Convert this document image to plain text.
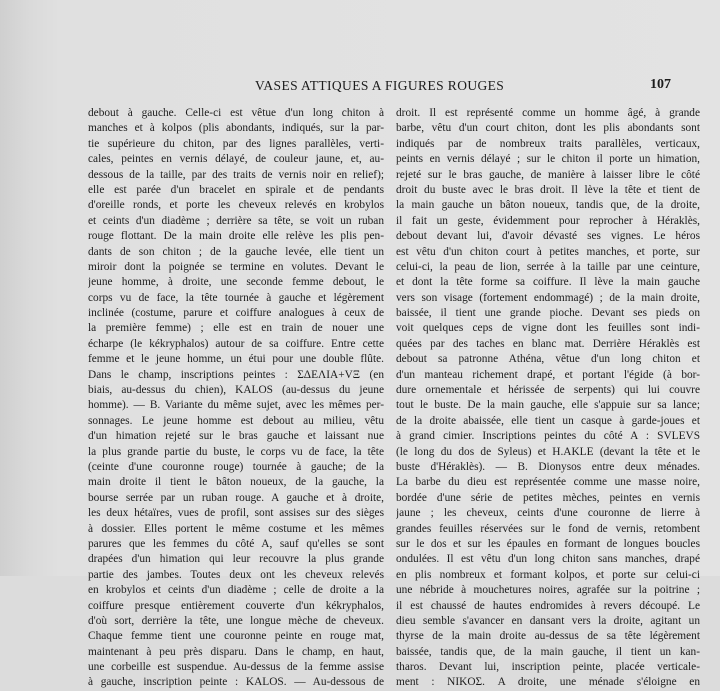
VASES ATTIQUES A FIGURES ROUGES	107
debout à gauche. Celle-ci est vêtue d'un long chiton à
manches et à kolpos (plis abondants, indiqués, sur la par-
tie supérieure du chiton, par des lignes parallèles, verti-
cales, peintes en vernis délayé, de couleur jaune, et, au-
dessous de la taille, par des traits de vernis noir en relief);
elle est parée d'un bracelet en spirale et de pendants
d'oreille ronds, et porte les cheveux relevés en krobylos
et ceints d'un diadème ; derrière sa tête, se voit un ruban
rouge flottant. De la main droite elle relève les plis pen-
dants de son chiton ; de la gauche levée, elle tient un
miroir dont la poignée se termine en volutes. Devant le
jeune homme, à droite, une seconde femme debout, le
corps vu de face, la tête tournée à gauche et légèrement
inclinée (costume, parure et coiffure analogues à ceux de
la première femme) ; elle est en train de nouer une
écharpe (le kékryphalos) autour de sa coiffure. Entre cette
femme et le jeune homme, un étui pour une double flûte.
Dans le champ, inscriptions peintes : ΣΔΕΛΙΑ+VΞ (en
biais, au-dessus du chien), KALOS (au-dessus du jeune
homme). — B. Variante du même sujet, avec les mêmes per-
sonnages. Le jeune homme est debout au milieu, vêtu
d'un himation rejeté sur le bras gauche et laissant nue
la plus grande partie du buste, le corps vu de face, la tête
(ceinte d'une couronne rouge) tournée à gauche; de la
main droite il tient le bâton noueux, de la gauche, la
bourse serrée par un ruban rouge. A gauche et à droite,
les deux hétaïres, vues de profil, sont assises sur des sièges
à dossier. Elles portent le même costume et les mêmes
parures que les femmes du côté A, sauf qu'elles se sont
drapées d'un himation qui leur recouvre la plus grande
partie des jambes. Toutes deux ont les cheveux relevés
en krobylos et ceints d'un diadème ; celle de droite a la
coiffure presque entièrement couverte d'un kékryphalos,
d'où sort, derrière la tête, une longue mèche de cheveux.
Chaque femme tient une couronne peinte en rouge mat,
maintenant à peu près disparu. Dans le champ, en haut,
une corbeille est suspendue. Au-dessus de la femme assise
à gauche, inscription peinte : KALOS. — Au-dessous de
droit. Il est représenté comme un homme âgé, à grande
barbe, vêtu d'un court chiton, dont les plis abondants sont
indiqués par de nombreux traits parallèles, verticaux,
peints en vernis délayé ; sur le chiton il porte un himation,
rejeté sur le bras gauche, de manière à laisser libre le côté
droit du buste avec le bras droit. Il lève la tête et tient de
la main gauche un bâton noueux, tandis que, de la droite,
il fait un geste, évidemment pour reprocher à Héraklès,
debout devant lui, d'avoir dévasté ses vignes. Le héros
est vêtu d'un chiton court à petites manches, et porte, sur
celui-ci, la peau de lion, serrée à la taille par une ceinture,
et dont la tête forme sa coiffure. Il lève la main gauche
vers son visage (fortement endommagé) ; de la main droite,
baissée, il tient une grande pioche. Devant ses pieds on
voit quelques ceps de vigne dont les feuilles sont indi-
quées par des taches en blanc mat. Derrière Héraklès est
debout sa patronne Athéna, vêtue d'un long chiton et
d'un manteau richement drapé, et portant l'égide (à bor-
dure ornementale et hérissée de serpents) qui lui couvre
tout le buste. De la main gauche, elle s'appuie sur sa lance;
de la droite abaissée, elle tient un casque à garde-joues et
à grand cimier. Inscriptions peintes du côté A : SVLEVS
(le long du dos de Syleus) et H.AKLE (devant la tête et le
buste d'Héraklès). — B. Dionysos entre deux ménades.
La barbe du dieu est représentée comme une masse noire,
bordée d'une série de petites mèches, peintes en vernis
jaune ; les cheveux, ceints d'une couronne de lierre à
grandes feuilles réservées sur le fond de vernis, retombent
sur le dos et sur les épaules en formant de longues boucles
ondulées. Il est vêtu d'un long chiton sans manches, drapé
en plis nombreux et formant kolpos, et porte sur celui-ci
une nébride à mouchetures noires, agrafée sur la poitrine ;
il est chaussé de hautes endromides à revers découpé. Le
dieu semble s'avancer en dansant vers la droite, agitant un
thyrse de la main droite au-dessus de sa tête légèrement
baissée, tandis que, de la main gauche, il tient un kan-
tharos. Devant lui, inscription peinte, placée verticale-
ment : NIKOΣ. A droite, une ménade s'éloigne en
